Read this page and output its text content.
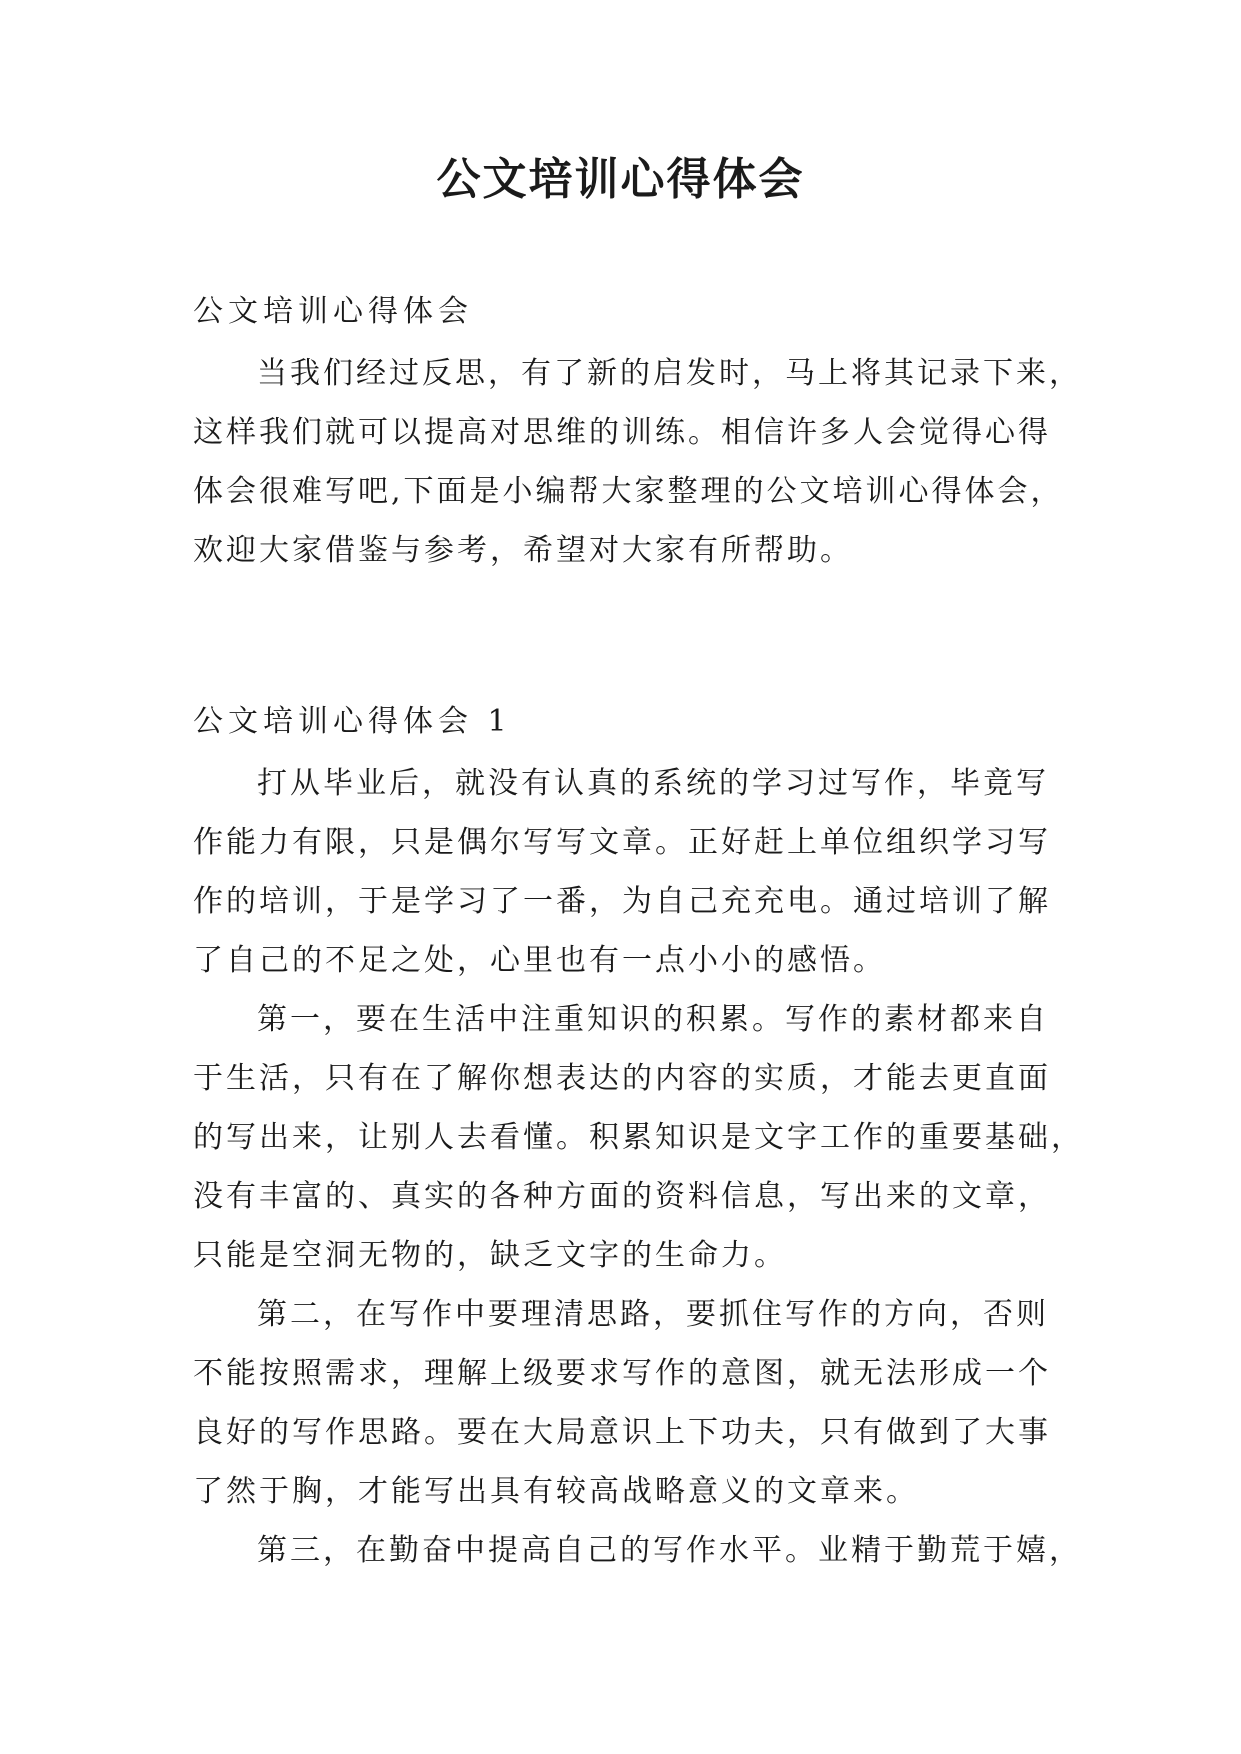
公文培训心得体会
公文培训心得体会
当我们经过反思，有了新的启发时，马上将其记录下来，
这样我们就可以提高对思维的训练。相信许多人会觉得心得
体会很难写吧,下面是小编帮大家整理的公文培训心得体会，
欢迎大家借鉴与参考，希望对大家有所帮助。
公文培训心得体会 1
打从毕业后，就没有认真的系统的学习过写作，毕竟写
作能力有限，只是偶尔写写文章。正好赶上单位组织学习写
作的培训，于是学习了一番，为自己充充电。通过培训了解
了自己的不足之处，心里也有一点小小的感悟。
第一，要在生活中注重知识的积累。写作的素材都来自
于生活，只有在了解你想表达的内容的实质，才能去更直面
的写出来，让别人去看懂。积累知识是文字工作的重要基础，
没有丰富的、真实的各种方面的资料信息，写出来的文章，
只能是空洞无物的，缺乏文字的生命力。
第二，在写作中要理清思路，要抓住写作的方向，否则
不能按照需求，理解上级要求写作的意图，就无法形成一个
良好的写作思路。要在大局意识上下功夫，只有做到了大事
了然于胸，才能写出具有较高战略意义的文章来。
第三，在勤奋中提高自己的写作水平。业精于勤荒于嬉，
